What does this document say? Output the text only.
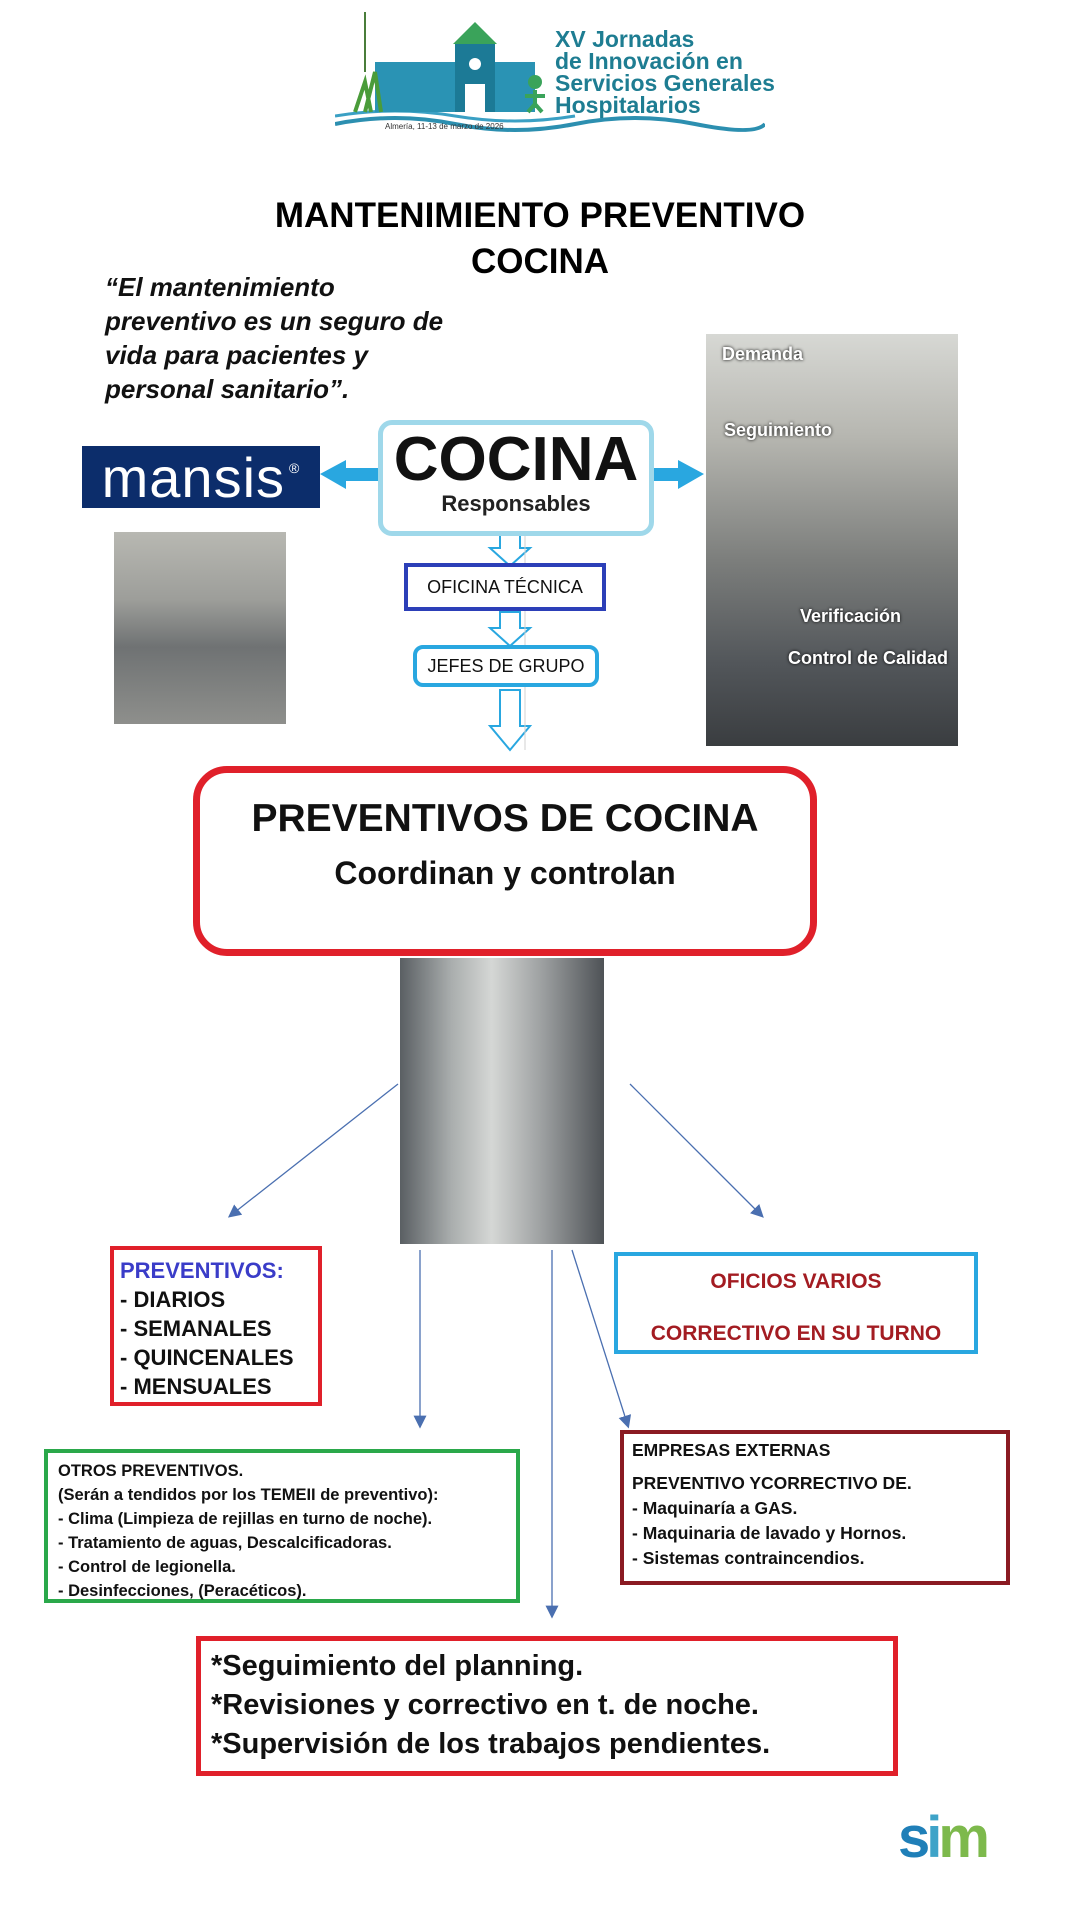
XV Jornadas
de Innovación en
Servicios Generales
Hospitalarios
Almería, 11-13 de marzo de 2026
MANTENIMIENTO PREVENTIVO
COCINA
“El mantenimiento preventivo es un seguro de vida para pacientes y personal sanitario”.
mansis ®
Demanda
Seguimiento
Verificación
Control de Calidad
COCINA
Responsables
OFICINA TÉCNICA
JEFES DE GRUPO
PREVENTIVOS DE COCINA
Coordinan y controlan
PREVENTIVOS:
- DIARIOS
- SEMANALES
- QUINCENALES
- MENSUALES
OFICIOS VARIOS
CORRECTIVO EN SU TURNO
OTROS PREVENTIVOS.
(Serán a tendidos por los TEMEII de preventivo):
- Clima (Limpieza de rejillas en turno de noche).
- Tratamiento de aguas, Descalcificadoras.
- Control de legionella.
- Desinfecciones, (Peracéticos).
EMPRESAS EXTERNAS
PREVENTIVO YCORRECTIVO DE.
- Maquinaría a GAS.
- Maquinaria de lavado y Hornos.
- Sistemas contraincendios.
*Seguimiento del planning.
*Revisiones y correctivo en t. de noche.
*Supervisión de los trabajos pendientes.
sim
